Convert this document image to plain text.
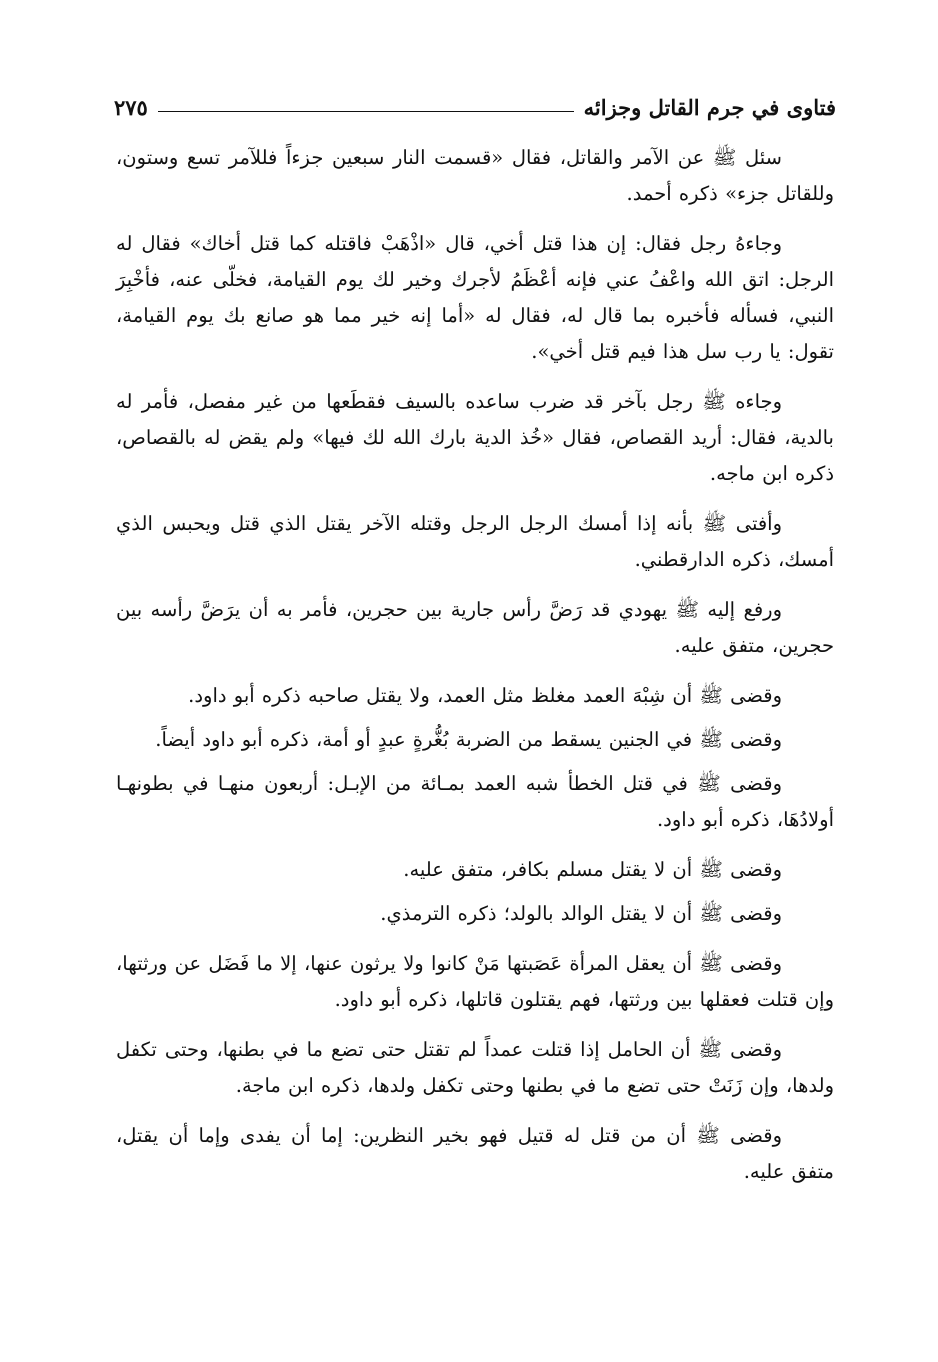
فتاوى في جرم القاتل وجزائه
٢٧٥

سئل ﷺ عن الآمر والقاتل، فقال «قسمت النار سبعين جزءاً فللآمر تسع وستون، وللقاتل جزء» ذكره أحمد.

وجاءهُ رجل فقال: إن هذا قتل أخي، قال «اذْهَبْ فاقتله كما قتل أخاك» فقال له الرجل: اتق الله واعْفُ عني فإنه أعْظَمُ لأجرك وخير لك يوم القيامة، فخلّى عنه، فأخْبِرَ النبي، فسأله فأخبره بما قال له، فقال له «أما إنه خير مما هو صانع بك يوم القيامة، تقول: يا رب سل هذا فيم قتل أخي».

وجاءه ﷺ رجل بآخر قد ضرب ساعده بالسيف فقطَعها من غير مفصل، فأمر له بالدية، فقال: أريد القصاص، فقال «خُذ الدية بارك الله لك فيها» ولم يقض له بالقصاص، ذكره ابن ماجه.

وأفتى ﷺ بأنه إذا أمسك الرجل الرجل وقتله الآخر يقتل الذي قتل ويحبس الذي أمسك، ذكره الدارقطني.

ورفع إليه ﷺ يهودي قد رَضَّ رأس جارية بين حجرين، فأمر به أن يرَضَّ رأسه بين حجرين، متفق عليه.

وقضى ﷺ أن شِبْهَ العمد مغلظ مثل العمد، ولا يقتل صاحبه ذكره أبو داود.

وقضى ﷺ في الجنين يسقط من الضربة بُغُّرةٍ عبدٍ أو أمة، ذكره أبو داود أيضاً.

وقضى ﷺ في قتل الخطأ شبه العمد بمـائة من الإبـل: أربعون منهـا في بطونهـا أولادُهَا، ذكره أبو داود.

وقضى ﷺ أن لا يقتل مسلم بكافر، متفق عليه.

وقضى ﷺ أن لا يقتل الوالد بالولد؛ ذكره الترمذي.

وقضى ﷺ أن يعقل المرأة عَصَبتها مَنْ كانوا ولا يرثون عنها، إلا ما فَضَل عن ورثتها، وإن قتلت فعقلها بين ورثتها، فهم يقتلون قاتلها، ذكره أبو داود.

وقضى ﷺ أن الحامل إذا قتلت عمداً لم تقتل حتى تضع ما في بطنها، وحتى تكفل ولدها، وإن زَنَتْ حتى تضع ما في بطنها وحتى تكفل ولدها، ذكره ابن ماجة.

وقضى ﷺ أن من قتل له قتيل فهو بخير النظرين: إما أن يفدى وإما أن يقتل، متفق عليه.
